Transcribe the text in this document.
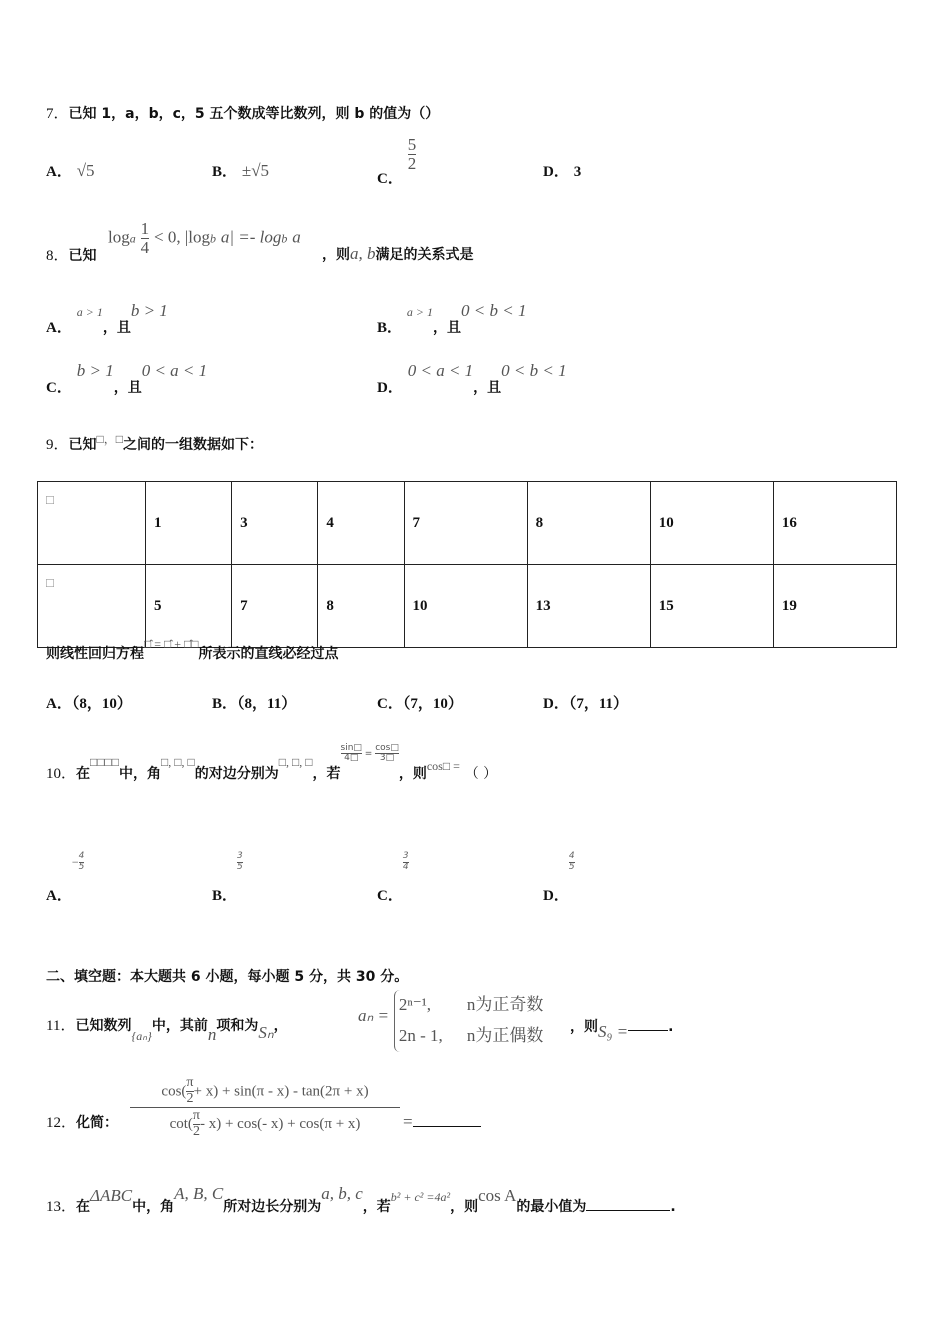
7．已知 1，a，b，c，5 五个数成等比数列，则 b 的值为（）
A． √5	B． ±√5	C．
$\frac{5}{2}$	D． 3
8．已知
loga $\frac{1}{4} < 0$, |logb a| =- logb a
，则a, b满足的关系式是
A． a > 1，且b > 1
B． a > 1，且0 < b < 1
C． b > 1，且0 < a < 1
D． 0 < a < 1，且0 < b < 1
9．已知□，□之间的一组数据如下：
□	1	3	4	7	8	10	16
□	5	7	8	10	13	15	19
则线性回归方程□̂ = □̂ + □̂□所表示的直线必经过点
A．（8，10）	B．（8，11）	C．（7，10）	D．（7，11）
10．在□□□□中，角□, □, □的对边分别为□, □, □，若
$^{\frac{\sin□}{4□} = \frac{\cos□}{3□}}$
，则cos□ = （ ）
A．− $\frac{4}{5}$
B．
$\frac{3}{5}$
C．
$\frac{3}{4}$
D．
$\frac{4}{5}$
二、填空题：本大题共 6 小题，每小题 5 分，共 30 分。
11．已知数列{aₙ}中，其前n项和为Sₙ，
aₙ =
2ⁿ⁻¹, n为正奇数
2n - 1, n为正偶数 ，则S₉ =	.
12．化简：
$\cos( \frac{\pi}{2} + x) + \sin(\pi - x) - \tan(2\pi + x)$
$\cot( \frac{\pi}{2} - x) + \cos(-$ x) + cos(π + x)	=
13．在ΔABC中，角A, B, C所对边长分别为a, b, c，若b² + c² =4a²，则cos A的最小值为	.
